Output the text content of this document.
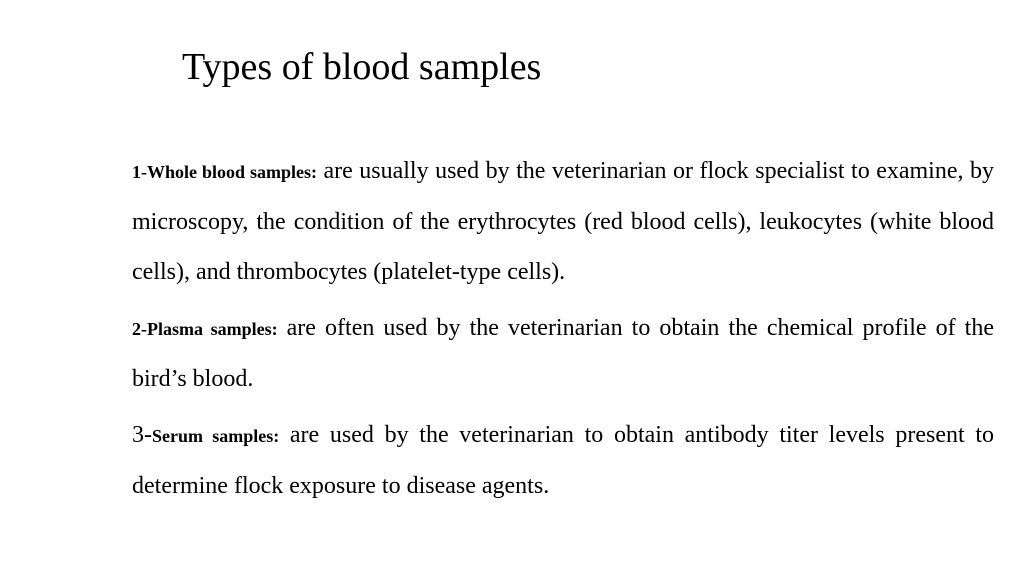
Types of blood samples

1-Whole blood samples: are usually used by the veterinarian or flock specialist to examine, by microscopy, the condition of the erythrocytes (red blood cells), leukocytes (white blood cells), and thrombocytes (platelet-type cells).

2-Plasma samples: are often used by the veterinarian to obtain the chemical profile of the bird’s blood.

3-Serum samples: are used by the veterinarian to obtain antibody titer levels present to determine flock exposure to disease agents.
